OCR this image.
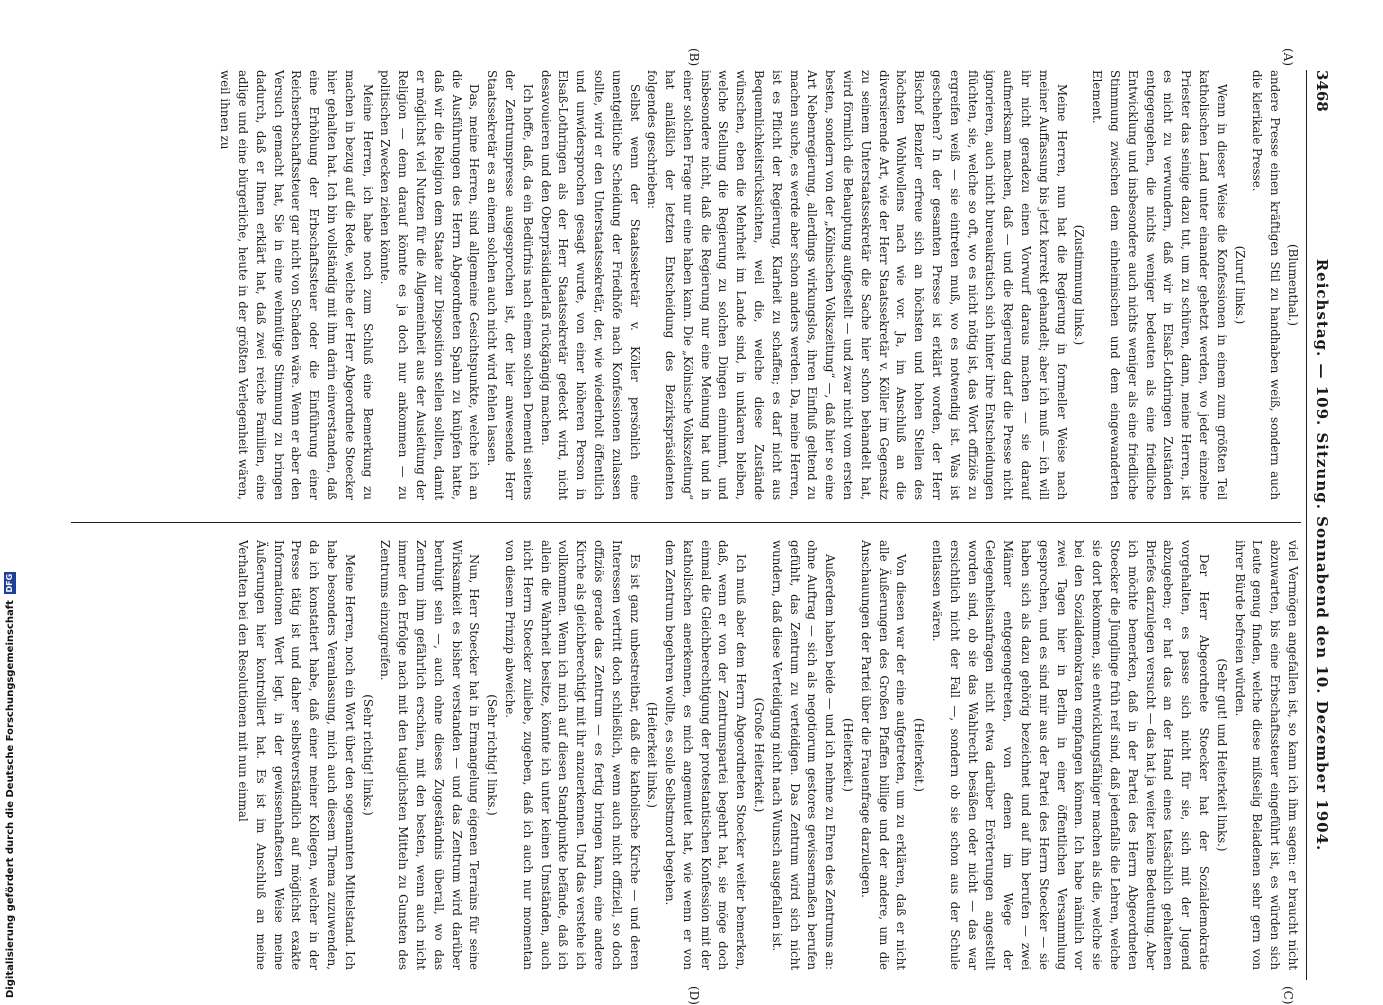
3468
Reichstag. — 109. Sitzung. Sonnabend den 10. Dezember 1904.
(A)
(B)
(C)
(D)

(Blumenthal.)

andere Presse einen kräftigen Stil zu handhaben weiß, sondern auch die klerikale Presse.

(Zuruf links.)

Wenn in dieser Weise die Konfessionen in einem zum größten Teil katholischen Land unter einander gehetzt werden, wo jeder einzelne Priester das seinige dazu tut, um zu schüren, dann, meine Herren, ist es nicht zu verwundern, daß wir in Elsaß-Lothringen Zuständen entgegengehen, die nichts weniger bedeuten als eine friedliche Entwicklung und insbesondere auch nichts weniger als eine friedliche Stimmung zwischen dem einheimischen und dem eingewanderten Element.

(Zustimmung links.)

Meine Herren, nun hat die Regierung in formeller Weise nach meiner Auffassung bis jetzt korrekt gehandelt; aber ich muß — ich will ihr nicht geradezu einen Vorwurf daraus machen — sie darauf aufmerksam machen, daß — und die Regierung darf die Presse nicht ignorieren, auch nicht bureaukratisch sich hinter ihre Entscheidungen flüchten, sie, welche so oft, wo es nicht nötig ist, das Wort offiziös zu ergreifen weiß — sie eintreten muß, wo es notwendig ist. Was ist geschehen? In der gesamten Presse ist erklärt worden, der Herr Bischof Benzler erfreue sich an höchsten und hohen Stellen des höchsten Wohlwollens nach wie vor. Ja, im Anschluß an die diversierende Art, wie der Herr Staatssekretär v. Köller im Gegensatz zu seinem Unterstaatssekretär die Sache hier schon behandelt hat, wird förmlich die Behauptung aufgestellt — und zwar nicht vom ersten besten, sondern von der „Kölnischen Volkszeitung“ —, daß hier so eine Art Nebenregierung, allerdings wirkungslos, ihren Einfluß geltend zu machen suche, es werde aber schon anders werden. Da, meine Herren, ist es Pflicht der Regierung, Klarheit zu schaffen; es darf nicht aus Bequemlichkeitsrücksichten, weil die, welche diese Zustände wünschen, eben die Mehrheit im Lande sind, in unklaren bleiben, welche Stellung die Regierung zu solchen Dingen einnimmt, und insbesondere nicht, daß die Regierung nur eine Meinung hat und in einer solchen Frage nur eine haben kann. Die „Kölnische Volkszeitung“ hat anläßlich der letzten Entscheidung des Bezirkspräsidenten folgendes geschrieben:

Selbst wenn der Staatssekretär v. Köller persönlich eine unentgeltliche Scheidung der Friedhöfe nach Konfessionen zulassen sollte, wird er den Unterstaatssekretär, der, wie wiederholt öffentlich und unwidersprochen gesagt wurde, von einer höheren Person in Elsaß-Lothringen als der Herr Staatssekretär gedeckt wird, nicht desavouieren und den Oberpräsidialerlaß rückgängig machen.

Ich hoffe, daß, da ein Bedürfnis nach einem solchen Dementi seitens der Zentrumspresse ausgesprochen ist, der hier anwesende Herr Staatssekretär es an einem solchen auch nicht wird fehlen lassen.

Das, meine Herren, sind allgemeine Gesichtspunkte, welche ich an die Ausführungen des Herrn Abgeordneten Spahn zu knüpfen hatte, daß wir die Religion dem Staate zur Disposition stellen sollten, damit er möglichst viel Nutzen für die Allgemeinheit aus der Ausleitung der Religion — denn darauf könnte es ja doch nur ankommen — zu politischen Zwecken ziehen könnte.

Meine Herren, ich habe noch zum Schluß eine Bemerkung zu machen in bezug auf die Rede, welche der Herr Abgeordnete Stoecker hier gehalten hat. Ich bin vollständig mit ihm darin einverstanden, daß eine Erhöhung der Erbschaftssteuer oder die Einführung einer Reichserbschaftssteuer gar nicht von Schaden wäre. Wenn er aber den Versuch gemacht hat, Sie in eine wehmütige Stimmung zu bringen dadurch, daß er Ihnen erklärt hat, daß zwei reiche Familien, eine adlige und eine bürgerliche, heute in der größten Verlegenheit wären, weil ihnen zu

viel Vermögen angefallen ist, so kann ich ihm sagen: er braucht nicht abzuwarten, bis eine Erbschaftssteuer eingeführt ist, es würden sich Leute genug finden, welche diese mißselig Beladenen sehr gern von ihrer Bürde befreien würden.

(Sehr gut! und Heiterkeit links.)

Der Herr Abgeordnete Stoecker hat der Sozialdemokratie vorgehalten, es passe sich nicht für sie, sich mit der Jugend abzugeben; er hat das an der Hand eines tatsächlich gehaltenen Briefes darzulegen versucht — das hat ja weiter keine Bedeutung. Aber ich möchte bemerken, daß in der Partei des Herrn Abgeordneten Stoecker die Jünglinge früh reif sind, daß jedenfalls die Lehren, welche sie dort bekommen, sie entwicklungsfähiger machen als die, welche sie bei den Sozialdemokraten empfangen können. Ich habe nämlich vor zwei Tagen hier in Berlin in einer öffentlichen Versammlung gesprochen, und es sind mir aus der Partei des Herrn Stoecker — sie haben sich als dazu gehörig bezeichnet und auf ihn berufen — zwei Männer entgegengetreten, von denen im Wege der Gelegenheitsanfragen nicht etwa darüber Erörterungen angestellt worden sind, ob sie das Wahlrecht besäßen oder nicht — das war ersichtlich nicht der Fall —, sondern ob sie schon aus der Schule entlassen wären.

(Heiterkeit.)

Von diesen war der eine aufgetreten, um zu erklären, daß er nicht alle Äußerungen des Großen Pfaffen billige und der andere, um die Anschauungen der Partei über die Frauenfrage darzulegen.

(Heiterkeit.)

Außerdem haben beide — und ich nehme zu Ehren des Zentrums an: ohne Auftrag — sich als negotiorum gestores gewissermaßen berufen gefühlt, das Zentrum zu verteidigen. Das Zentrum wird sich nicht wundern, daß diese Verteidigung nicht nach Wunsch ausgefallen ist.

(Große Heiterkeit.)

Ich muß aber dem Herrn Abgeordneten Stoecker weiter bemerken, daß, wenn er von der Zentrumspartei begehrt hat, sie möge doch einmal die Gleichberechtigung der protestantischen Konfession mit der katholischen anerkennen, es mich angemutet hat, wie wenn er von dem Zentrum begehren wollte, es solle Selbstmord begehen.

(Heiterkeit links.)

Es ist ganz unbestreitbar, daß die katholische Kirche — und deren Interessen vertritt doch schließlich, wenn auch nicht offiziell, so doch offiziös gerade das Zentrum — es fertig bringen kann, eine andere Kirche als gleichberechtigt mit ihr anzuerkennen. Und das verstehe ich vollkommen. Wenn ich mich auf diesen Standpunkte befände, daß ich allein die Wahrheit besitze, könnte ich unter keinen Umständen, auch nicht Herrn Stoecker zuliebe, zugeben, daß ich auch nur momentan von diesem Prinzip abweiche.

(Sehr richtig! links.)

Nun, Herr Stoecker hat in Ermangelung eigenen Terrains für seine Wirksamkeit es bisher verstanden — und das Zentrum wird darüber beruhigt sein —, auch ohne dieses Zugeständnis überall, wo das Zentrum ihm gefährlich erschien, mit den besten, wenn auch nicht immer den Erfolge nach mit den tauglichsten Mitteln zu Gunsten des Zentrums einzugreifen.

(Sehr richtig! links.)

Meine Herren, noch ein Wort über den sogenannten Mittelstand. Ich habe besonders Veranlassung, mich auch diesem Thema zuzuwenden, da ich konstatiert habe, daß einer meiner Kollegen, welcher in der Presse tätig ist und daher selbstverständlich auf möglichst exakte Informationen Wert legt, in der gewissenhaftesten Weise meine Äußerungen hier kontrolliert hat. Es ist im Anschluß an meine Verhalten bei den Resolutionen mit nun einmal

Digitalisierung gefördert durch die Deutsche Forschungsgemeinschaft
DFG
